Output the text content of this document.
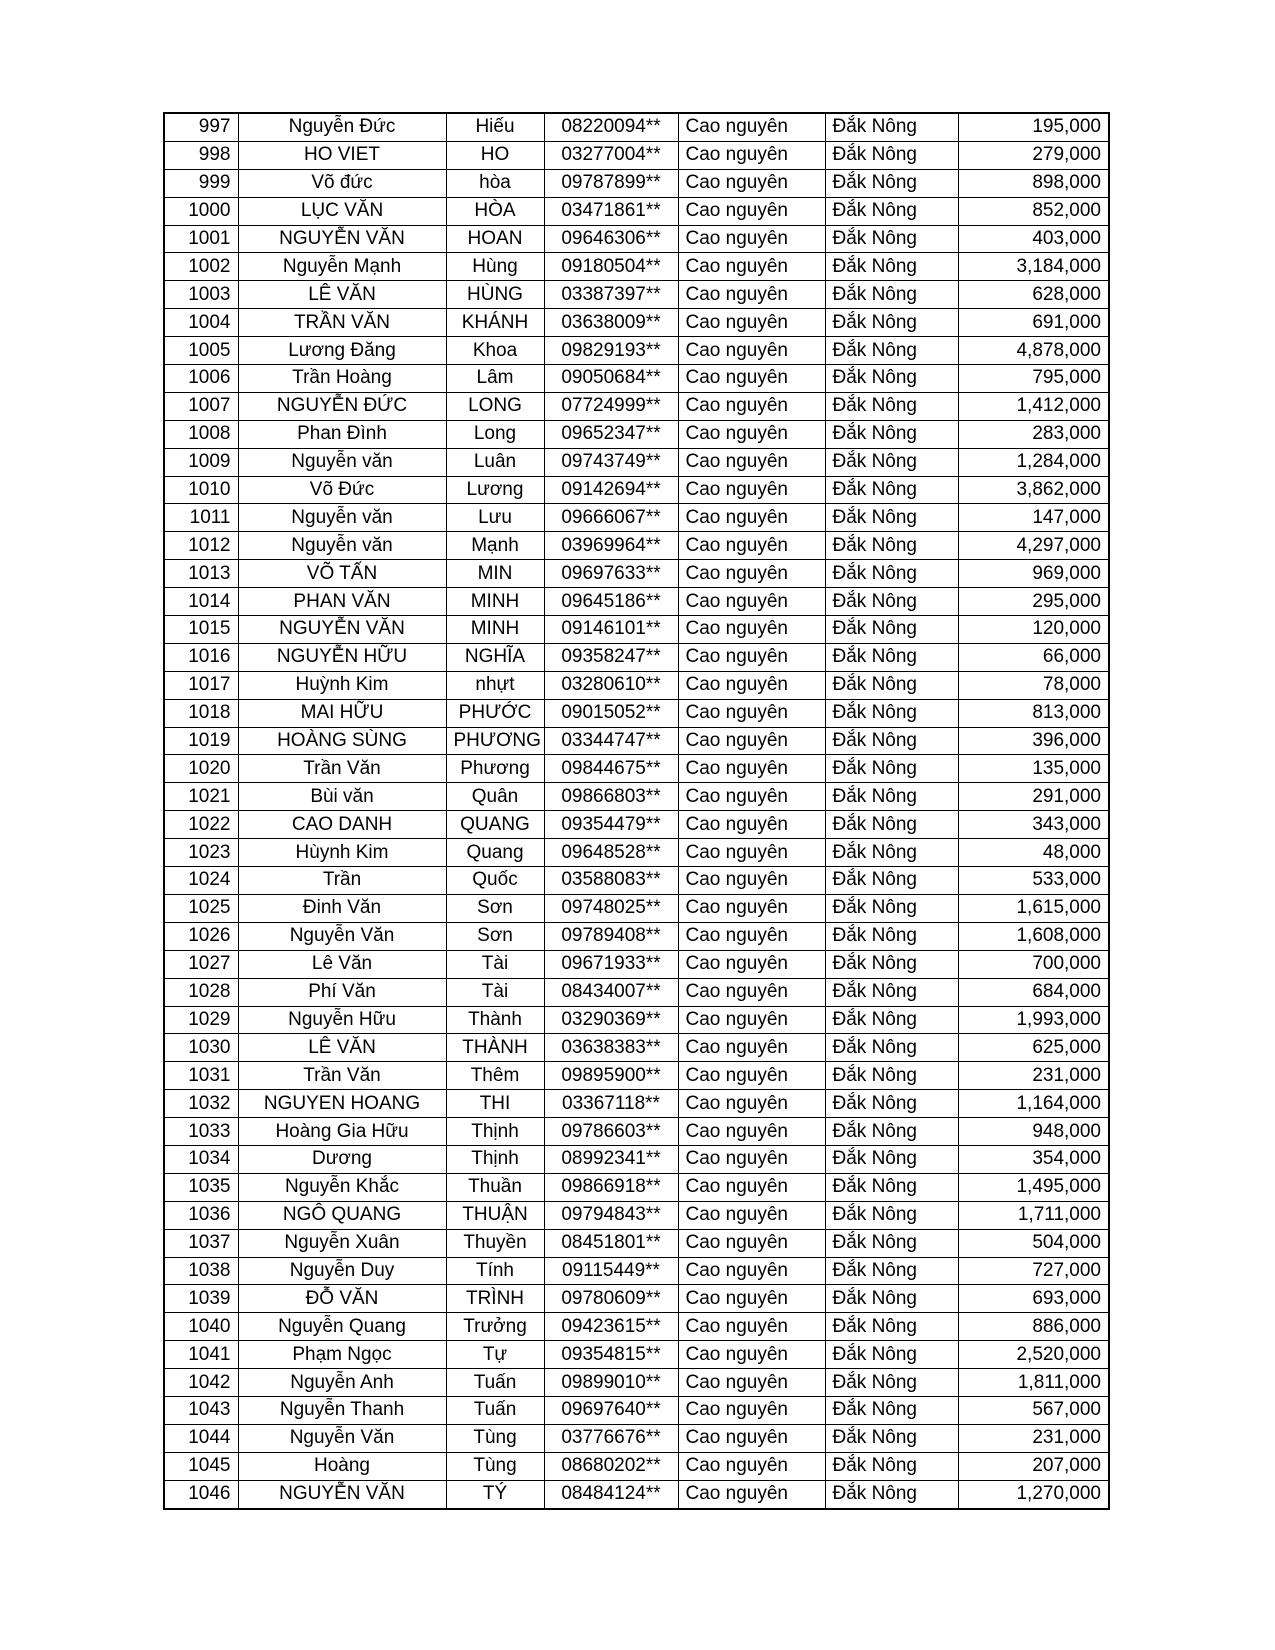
997	Nguyễn Đức	Hiếu	08220094**	Cao nguyên	Đắk Nông	195,000
998	HO VIET	HO	03277004**	Cao nguyên	Đắk Nông	279,000
999	Võ đức	hòa	09787899**	Cao nguyên	Đắk Nông	898,000
1000	LỤC VĂN	HÒA	03471861**	Cao nguyên	Đắk Nông	852,000
1001	NGUYỄN VĂN	HOAN	09646306**	Cao nguyên	Đắk Nông	403,000
1002	Nguyễn Mạnh	Hùng	09180504**	Cao nguyên	Đắk Nông	3,184,000
1003	LÊ VĂN	HÙNG	03387397**	Cao nguyên	Đắk Nông	628,000
1004	TRẦN VĂN	KHÁNH	03638009**	Cao nguyên	Đắk Nông	691,000
1005	Lương Đăng	Khoa	09829193**	Cao nguyên	Đắk Nông	4,878,000
1006	Trần Hoàng	Lâm	09050684**	Cao nguyên	Đắk Nông	795,000
1007	NGUYỄN ĐỨC	LONG	07724999**	Cao nguyên	Đắk Nông	1,412,000
1008	Phan Đình	Long	09652347**	Cao nguyên	Đắk Nông	283,000
1009	Nguyễn văn	Luân	09743749**	Cao nguyên	Đắk Nông	1,284,000
1010	Võ Đức	Lương	09142694**	Cao nguyên	Đắk Nông	3,862,000
1011	Nguyễn văn	Lưu	09666067**	Cao nguyên	Đắk Nông	147,000
1012	Nguyễn văn	Mạnh	03969964**	Cao nguyên	Đắk Nông	4,297,000
1013	VÕ TẤN	MIN	09697633**	Cao nguyên	Đắk Nông	969,000
1014	PHAN VĂN	MINH	09645186**	Cao nguyên	Đắk Nông	295,000
1015	NGUYỄN VĂN	MINH	09146101**	Cao nguyên	Đắk Nông	120,000
1016	NGUYỄN HỮU	NGHĨA	09358247**	Cao nguyên	Đắk Nông	66,000
1017	Huỳnh Kim	nhựt	03280610**	Cao nguyên	Đắk Nông	78,000
1018	MAI HỮU	PHƯỚC	09015052**	Cao nguyên	Đắk Nông	813,000
1019	HOÀNG SÙNG	PHƯƠNG	03344747**	Cao nguyên	Đắk Nông	396,000
1020	Trần Văn	Phương	09844675**	Cao nguyên	Đắk Nông	135,000
1021	Bùi văn	Quân	09866803**	Cao nguyên	Đắk Nông	291,000
1022	CAO DANH	QUANG	09354479**	Cao nguyên	Đắk Nông	343,000
1023	Hùynh Kim	Quang	09648528**	Cao nguyên	Đắk Nông	48,000
1024	Trần	Quốc	03588083**	Cao nguyên	Đắk Nông	533,000
1025	Đinh Văn	Sơn	09748025**	Cao nguyên	Đắk Nông	1,615,000
1026	Nguyễn Văn	Sơn	09789408**	Cao nguyên	Đắk Nông	1,608,000
1027	Lê Văn	Tài	09671933**	Cao nguyên	Đắk Nông	700,000
1028	Phí Văn	Tài	08434007**	Cao nguyên	Đắk Nông	684,000
1029	Nguyễn Hữu	Thành	03290369**	Cao nguyên	Đắk Nông	1,993,000
1030	LÊ VĂN	THÀNH	03638383**	Cao nguyên	Đắk Nông	625,000
1031	Trần Văn	Thêm	09895900**	Cao nguyên	Đắk Nông	231,000
1032	NGUYEN HOANG	THI	03367118**	Cao nguyên	Đắk Nông	1,164,000
1033	Hoàng Gia Hữu	Thịnh	09786603**	Cao nguyên	Đắk Nông	948,000
1034	Dương	Thịnh	08992341**	Cao nguyên	Đắk Nông	354,000
1035	Nguyễn Khắc	Thuần	09866918**	Cao nguyên	Đắk Nông	1,495,000
1036	NGÔ QUANG	THUẬN	09794843**	Cao nguyên	Đắk Nông	1,711,000
1037	Nguyễn Xuân	Thuyền	08451801**	Cao nguyên	Đắk Nông	504,000
1038	Nguyễn Duy	Tính	09115449**	Cao nguyên	Đắk Nông	727,000
1039	ĐỖ VĂN	TRÌNH	09780609**	Cao nguyên	Đắk Nông	693,000
1040	Nguyễn Quang	Trưởng	09423615**	Cao nguyên	Đắk Nông	886,000
1041	Phạm Ngọc	Tự	09354815**	Cao nguyên	Đắk Nông	2,520,000
1042	Nguyễn Anh	Tuấn	09899010**	Cao nguyên	Đắk Nông	1,811,000
1043	Nguyễn Thanh	Tuấn	09697640**	Cao nguyên	Đắk Nông	567,000
1044	Nguyễn Văn	Tùng	03776676**	Cao nguyên	Đắk Nông	231,000
1045	Hoàng	Tùng	08680202**	Cao nguyên	Đắk Nông	207,000
1046	NGUYỄN VĂN	TÝ	08484124**	Cao nguyên	Đắk Nông	1,270,000
